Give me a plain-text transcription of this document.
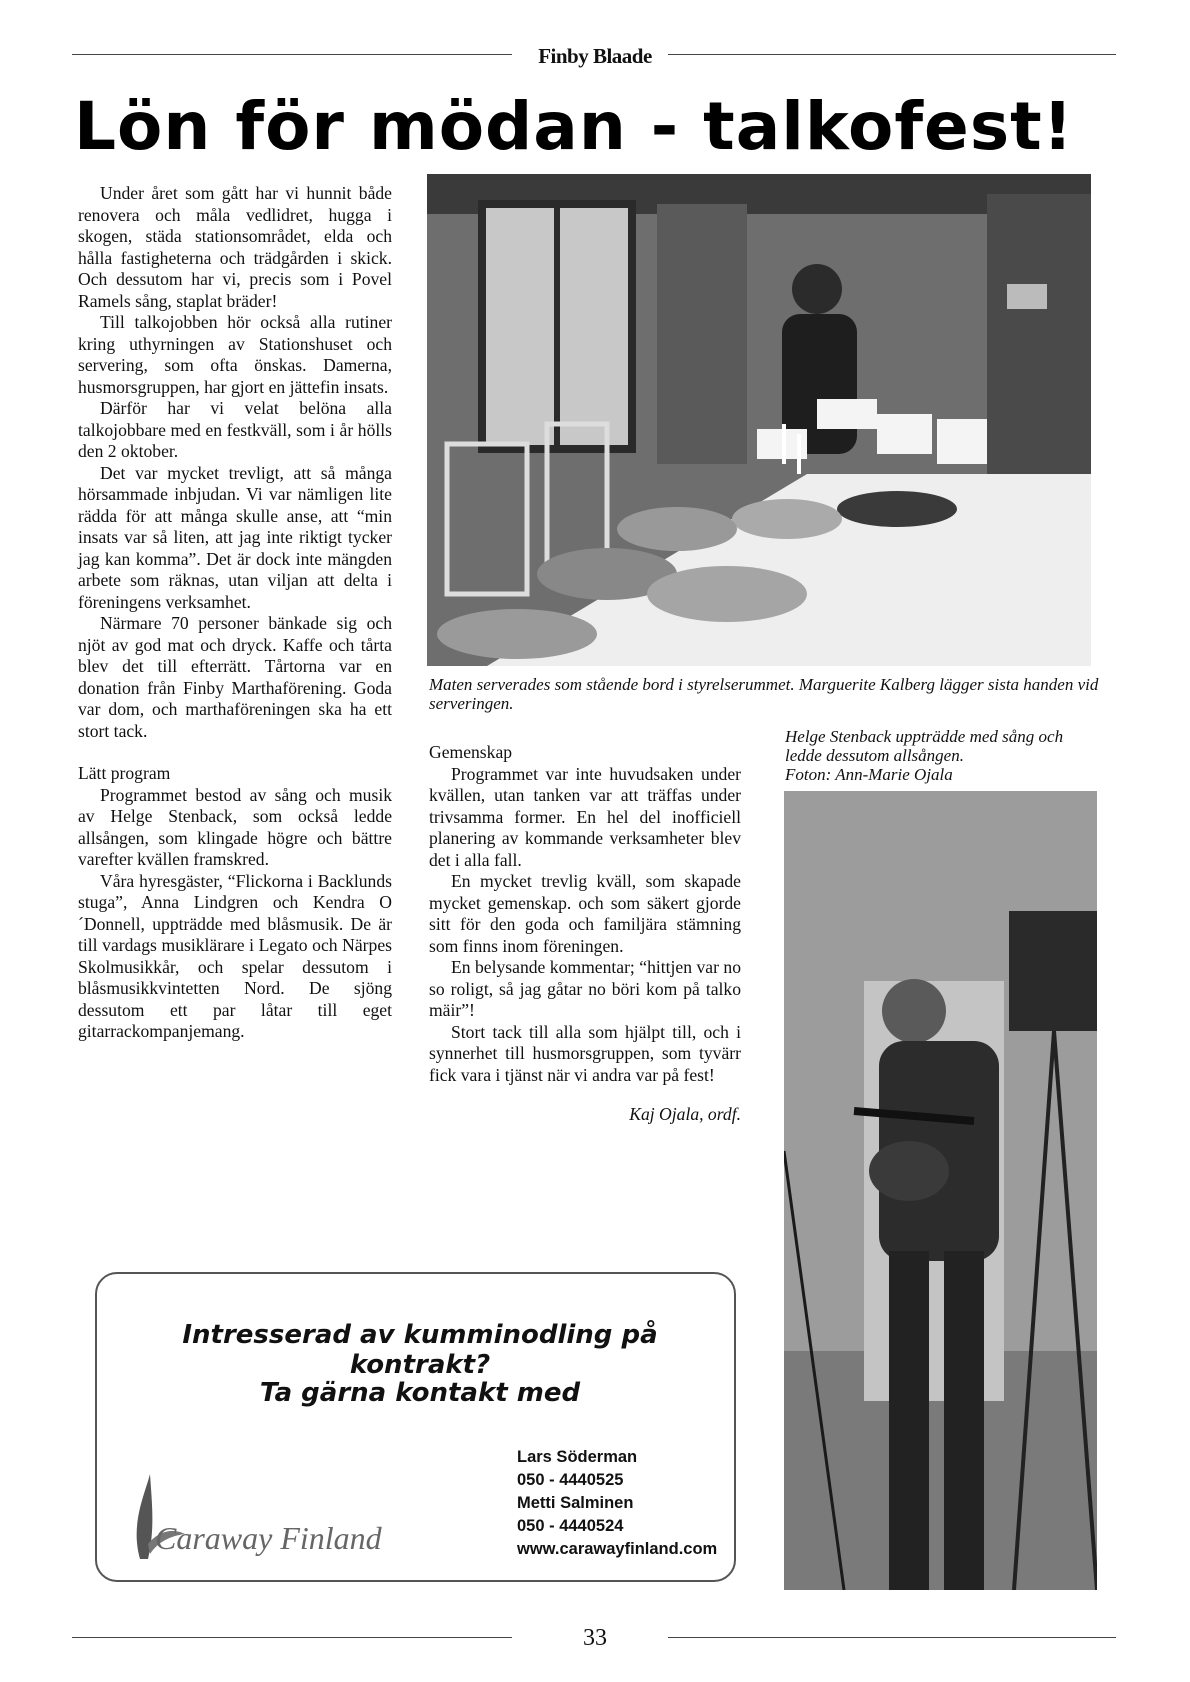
Finby Blaade
Lön för mödan - talkofest!

Under året som gått har vi hunnit både renovera och måla vedlidret, hugga i skogen, städa stationsområdet, elda och hålla fastigheterna och trädgården i skick. Och dessutom har vi, precis som i Povel Ramels sång, staplat bräder!

Till talkojobben hör också alla rutiner kring uthyrningen av Stationshuset och servering, som ofta önskas. Damerna, husmorsgruppen, har gjort en jättefin insats.

Därför har vi velat belöna alla talkojobbare med en festkväll, som i år hölls den 2 oktober.

Det var mycket trevligt, att så många hörsammade inbjudan. Vi var nämligen lite rädda för att många skulle anse, att “min insats var så liten, att jag inte riktigt tycker jag kan komma”. Det är dock inte mängden arbete som räknas, utan viljan att delta i föreningens verksamhet.

Närmare 70 personer bänkade sig och njöt av god mat och dryck. Kaffe och tårta blev det till efterrätt. Tårtorna var en donation från Finby Marthaförening. Goda var dom, och marthaföreningen ska ha ett stort tack.

Lätt program

Programmet bestod av sång och musik av Helge Stenback, som också ledde allsången, som klingade högre och bättre varefter kvällen framskred.

Våra hyresgäster, “Flickorna i Backlunds stuga”, Anna Lindgren och Kendra O´Donnell, uppträdde med blåsmusik. De är till vardags musiklärare i Legato och Närpes Skolmusikkår, och spelar dessutom i blåsmusikkvintetten Nord. De sjöng dessutom ett par låtar till eget gitarrackompanjemang.

Maten serverades som stående bord i styrelserummet. Marguerite Kalberg lägger sista handen vid serveringen.
Gemenskap

Programmet var inte huvudsaken under kvällen, utan tanken var att träffas under trivsamma former. En hel del inofficiell planering av kommande verksamheter blev det i alla fall.

En mycket trevlig kväll, som skapade mycket gemenskap. och som säkert gjorde sitt för den goda och familjära stämning som finns inom föreningen.

En belysande kommentar; “hittjen var no so roligt, så jag gåtar no böri kom på talko mäir”!

Stort tack till alla som hjälpt till, och i synnerhet till husmorsgruppen, som tyvärr fick vara i tjänst när vi andra var på fest!

Kaj Ojala, ordf.

Helge Stenback uppträdde med sång och ledde dessutom allsången.
Foton: Ann-Marie Ojala
Intresserad av kumminodling på kontrakt?
Ta gärna kontakt med
Caraway Finland
Lars Söderman
050 - 4440525
Metti Salminen
050 - 4440524
www.carawayfinland.com
33
